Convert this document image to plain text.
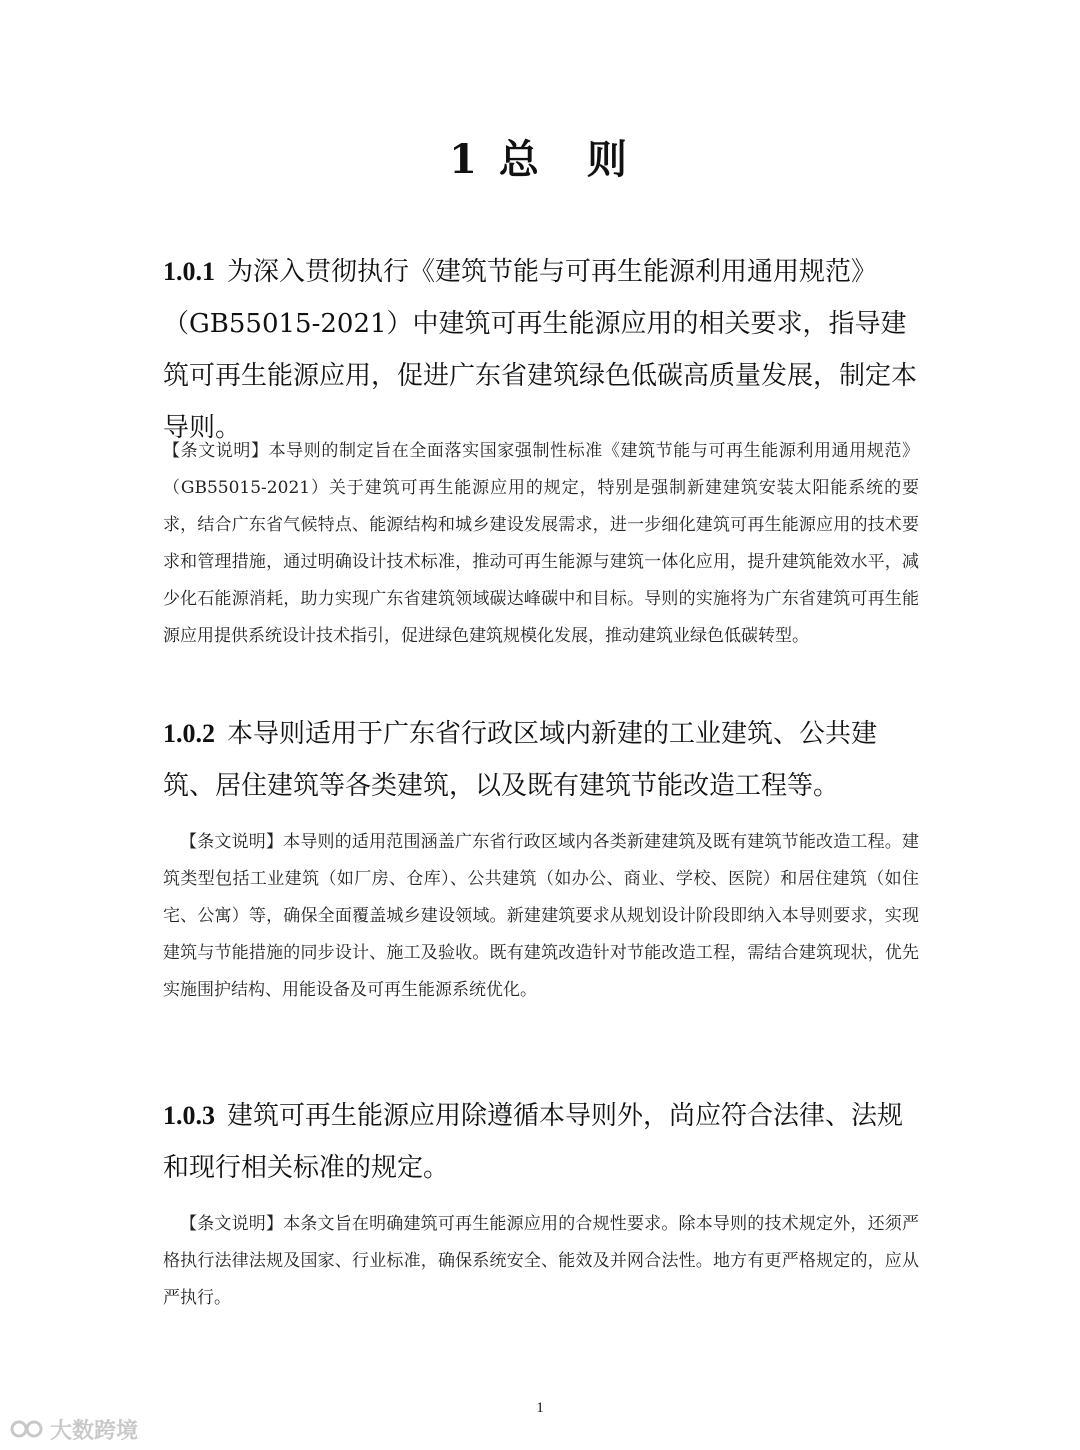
1 总　则
1.0.1 为深入贯彻执行《建筑节能与可再生能源利用通用规范》（GB55015-2021）中建筑可再生能源应用的相关要求，指导建筑可再生能源应用，促进广东省建筑绿色低碳高质量发展，制定本导则。
【条文说明】本导则的制定旨在全面落实国家强制性标准《建筑节能与可再生能源利用通用规范》（GB55015-2021）关于建筑可再生能源应用的规定，特别是强制新建建筑安装太阳能系统的要求，结合广东省气候特点、能源结构和城乡建设发展需求，进一步细化建筑可再生能源应用的技术要求和管理措施，通过明确设计技术标准，推动可再生能源与建筑一体化应用，提升建筑能效水平，减少化石能源消耗，助力实现广东省建筑领域碳达峰碳中和目标。导则的实施将为广东省建筑可再生能源应用提供系统设计技术指引，促进绿色建筑规模化发展，推动建筑业绿色低碳转型。
1.0.2 本导则适用于广东省行政区域内新建的工业建筑、公共建筑、居住建筑等各类建筑，以及既有建筑节能改造工程等。
【条文说明】本导则的适用范围涵盖广东省行政区域内各类新建建筑及既有建筑节能改造工程。建筑类型包括工业建筑（如厂房、仓库）、公共建筑（如办公、商业、学校、医院）和居住建筑（如住宅、公寓）等，确保全面覆盖城乡建设领域。新建建筑要求从规划设计阶段即纳入本导则要求，实现建筑与节能措施的同步设计、施工及验收。既有建筑改造针对节能改造工程，需结合建筑现状，优先实施围护结构、用能设备及可再生能源系统优化。
1.0.3 建筑可再生能源应用除遵循本导则外，尚应符合法律、法规和现行相关标准的规定。
【条文说明】本条文旨在明确建筑可再生能源应用的合规性要求。除本导则的技术规定外，还须严格执行法律法规及国家、行业标准，确保系统安全、能效及并网合法性。地方有更严格规定的，应从严执行。
1
大数跨境
